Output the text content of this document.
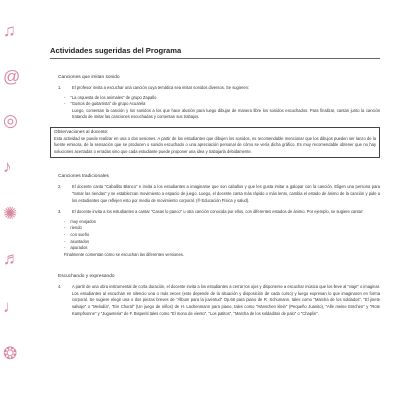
♫
@
◎
♪
✺
♬
♩
❂
Actividades sugeridas del Programa
Canciones que imitan sonido
1.	El profesor invita a escuchar una canción cuya temática sea imitar sonidos diversos. Se sugieren:
- "La orquesta de los animales" de grupo Zapallo
- "Gustos de guitarrista" de grupo Acuarela
Luego, comentan la canción y los sonidos a los que hace alusión para luego dibujar de manera libre los sonidos escuchados. Para finalizar, cantan junto la canción tratando de imitar las canciones escuchadas y comentan sus trabajos.
Observaciones al docente:
Esta actividad se puede realizar en una o dos sesiones. A partir de los estudiantes que dibujen los sonidos, es recomendable mencionar que los dibujos pueden ser lanzo de la fuente emisora, de la sensación que se producen o sonido escuchado o una apreciación personal de cómo se vería dicha gráfico. Es muy recomendable obtener que no hay soluciones acertadas o erradas sino que cada estudiante puede proponer una idea y trabajarla debidamente.
Canciones tradicionales
2.	El docente canta "Caballito Blanco" e invita a los estudiantes a imaginarse que son caballos y que les gusta imitar a galopar con la canción. Eligen una persona para "tomar las riendas" y se establezcan movimiento a espacio de juego. Luego, el docente canta más rápido o más lento, cambia el estado de ánimo de la canción y pide a los estudiantes que reflejen esto por medio de movimiento corporal. (® Educación Física y salud).
3.	El docente invita a los estudiantes a cantar "Casas lo panco" u otra canción conocida por ellos, con diferentes estados de ánimo. Por ejemplo, se sugiere cantar:
- muy enojados
- riendo
- con sueño
- asustados
- apurados
Finalmente comentan cómo se escuchan las diferentes versiones.
Escuchando y expresando
4.	A partir de una obra instrumental de corta duración, el docente invita a los estudiantes a cerrar los ojos y disponerse a escuchar música que los lleve al "viaje" o imaginar. Los estudiantes al escuchan en silencio una o más veces (esto depende de la situación y disposición de cada curso) y luego expresan lo que imaginaron en forma corporal. Se sugiere elegir una o dos piezas breves de "Álbum para la juventud" Op.68 para piano de R. Schumann, tales como "Marcha de los soldados", "El jinete salvaje" o "Melodía", "Ein Choral" (Un juego de niños) de H. Lachenmann para piano, tales como "Hänschen klein" (Pequeño Juanito), "Alle meine Entchen" y "Rote Kampfsonne" y "Jugueteria" de F. Bisperiti tales como "El mono de viento", "Los patitos", "Marcha de los soldaditos de palo" o "Chaplin".
